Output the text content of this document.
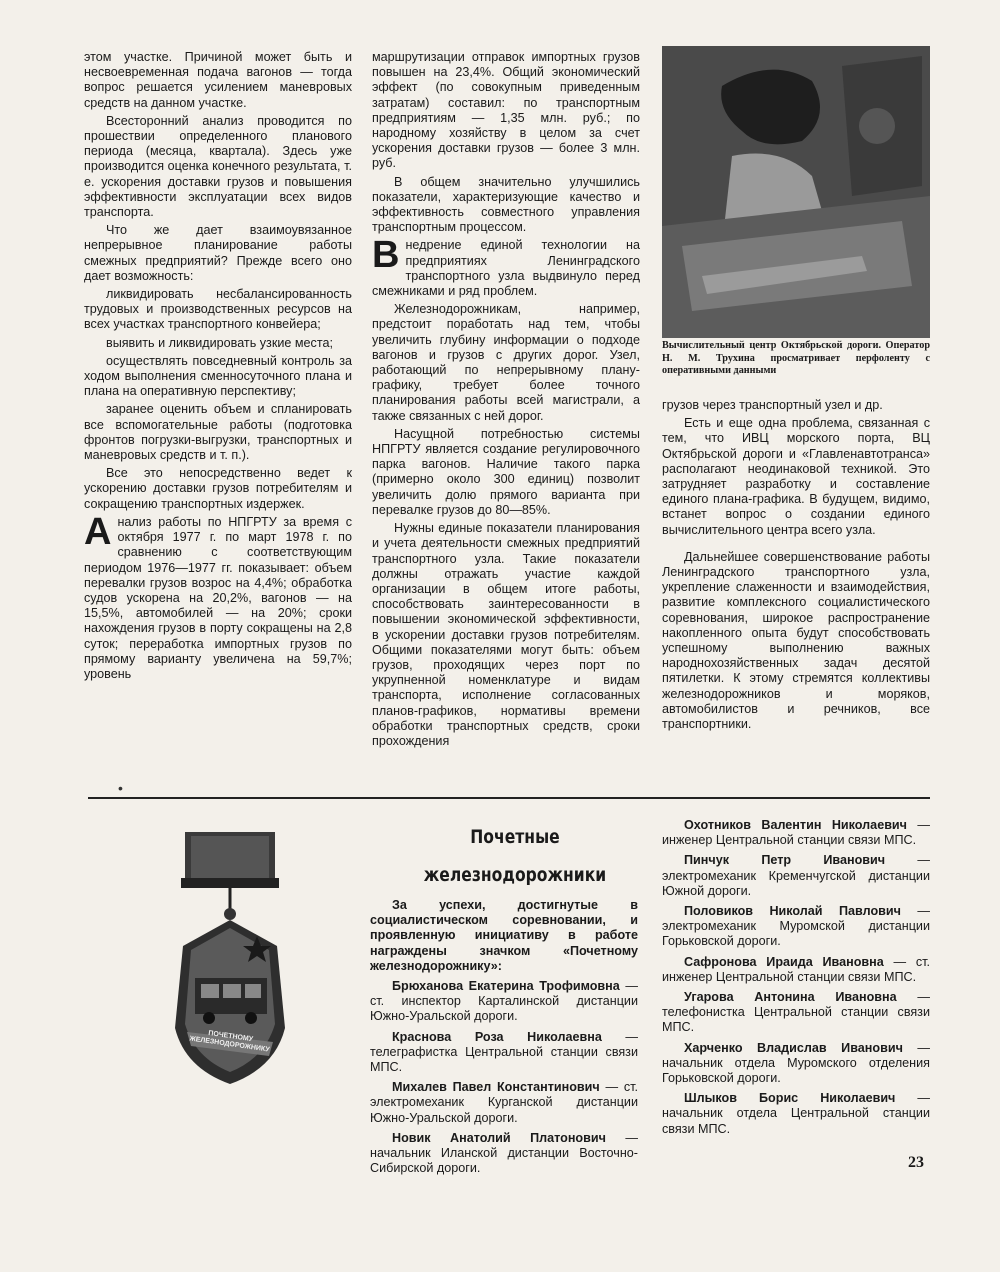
этом участке. Причиной может быть и несвоевременная подача вагонов — тогда вопрос решается усилением маневровых средств на данном участке.

Всесторонний анализ проводится по прошествии определенного планового периода (месяца, квартала). Здесь уже производится оценка конечного результата, т. е. ускорения доставки грузов и повышения эффективности эксплуатации всех видов транспорта.

Что же дает взаимоувязанное непрерывное планирование работы смежных предприятий? Прежде всего оно дает возможность:

ликвидировать несбалансированность трудовых и производственных ресурсов на всех участках транспортного конвейера;

выявить и ликвидировать узкие места;

осуществлять повседневный контроль за ходом выполнения сменносуточного плана и плана на оперативную перспективу;

заранее оценить объем и спланировать все вспомогательные работы (подготовка фронтов погрузки-выгрузки, транспортных и маневровых средств и т. п.).

Все это непосредственно ведет к ускорению доставки грузов потребителям и сокращению транспортных издержек.

Анализ работы по НПГРТУ за время с октября 1977 г. по март 1978 г. по сравнению с соответствующим периодом 1976—1977 гг. показывает: объем перевалки грузов возрос на 4,4%; обработка судов ускорена на 20,2%, вагонов — на 15,5%, автомобилей — на 20%; сроки нахождения грузов в порту сокращены на 2,8 суток; переработка импортных грузов по прямому варианту увеличена на 59,7%; уровень

маршрутизации отправок импортных грузов повышен на 23,4%. Общий экономический эффект (по совокупным приведенным затратам) составил: по транспортным предприятиям — 1,35 млн. руб.; по народному хозяйству в целом за счет ускорения доставки грузов — более 3 млн. руб.

В общем значительно улучшились показатели, характеризующие качество и эффективность совместного управления транспортным процессом.

Внедрение единой технологии на предприятиях Ленинградского транспортного узла выдвинуло перед смежниками и ряд проблем.

Железнодорожникам, например, предстоит поработать над тем, чтобы увеличить глубину информации о подходе вагонов и грузов с других дорог. Узел, работающий по непрерывному плану-графику, требует более точного планирования работы всей магистрали, а также связанных с ней дорог.

Насущной потребностью системы НПГРТУ является создание регулировочного парка вагонов. Наличие такого парка (примерно около 300 единиц) позволит увеличить долю прямого варианта при перевалке грузов до 80—85%.

Нужны единые показатели планирования и учета деятельности смежных предприятий транспортного узла. Такие показатели должны отражать участие каждой организации в общем итоге работы, способствовать заинтересованности в повышении экономической эффективности, в ускорении доставки грузов потребителям. Общими показателями могут быть: объем грузов, проходящих через порт по укрупненной номенклатуре и видам транспорта, исполнение согласованных планов-графиков, нормативы времени обработки транспортных средств, сроки прохождения

Вычислительный центр Октябрьской дороги. Оператор Н. М. Трухина просматривает перфоленту с оперативными данными

грузов через транспортный узел и др.

Есть и еще одна проблема, связанная с тем, что ИВЦ морского порта, ВЦ Октябрьской дороги и «Главленавтотранса» располагают неодинаковой техникой. Это затрудняет разработку и составление единого плана-графика. В будущем, видимо, встанет вопрос о создании единого вычислительного центра всего узла.

Дальнейшее совершенствование работы Ленинградского транспортного узла, укрепление слаженности и взаимодействия, развитие комплексного социалистического соревнования, широкое распространение накопленного опыта будут способствовать успешному выполнению важных народнохозяйственных задач десятой пятилетки. К этому стремятся коллективы железнодорожников и моряков, автомобилистов и речников, все транспортники.

•
ПОЧЕТНОМУ ЖЕЛЕЗНОДОРОЖНИКУ
Почетные
железнодорожники

За успехи, достигнутые в социалистическом соревновании, и проявленную инициативу в работе награждены значком «Почетному железнодорожнику»:

Брюханова Екатерина Трофимовна — ст. инспектор Карталинской дистанции Южно-Уральской дороги.

Краснова Роза Николаевна — телеграфистка Центральной станции связи МПС.

Михалев Павел Константинович — ст. электромеханик Курганской дистанции Южно-Уральской дороги.

Новик Анатолий Платонович — начальник Иланской дистанции Восточно-Сибирской дороги.

Охотников Валентин Николаевич — инженер Центральной станции связи МПС.

Пинчук Петр Иванович — электромеханик Кременчугской дистанции Южной дороги.

Половиков Николай Павлович — электромеханик Муромской дистанции Горьковской дороги.

Сафронова Ираида Ивановна — ст. инженер Центральной станции связи МПС.

Угарова Антонина Ивановна — телефонистка Центральной станции связи МПС.

Харченко Владислав Иванович — начальник отдела Муромского отделения Горьковской дороги.

Шлыков Борис Николаевич — начальник отдела Центральной станции связи МПС.

23
